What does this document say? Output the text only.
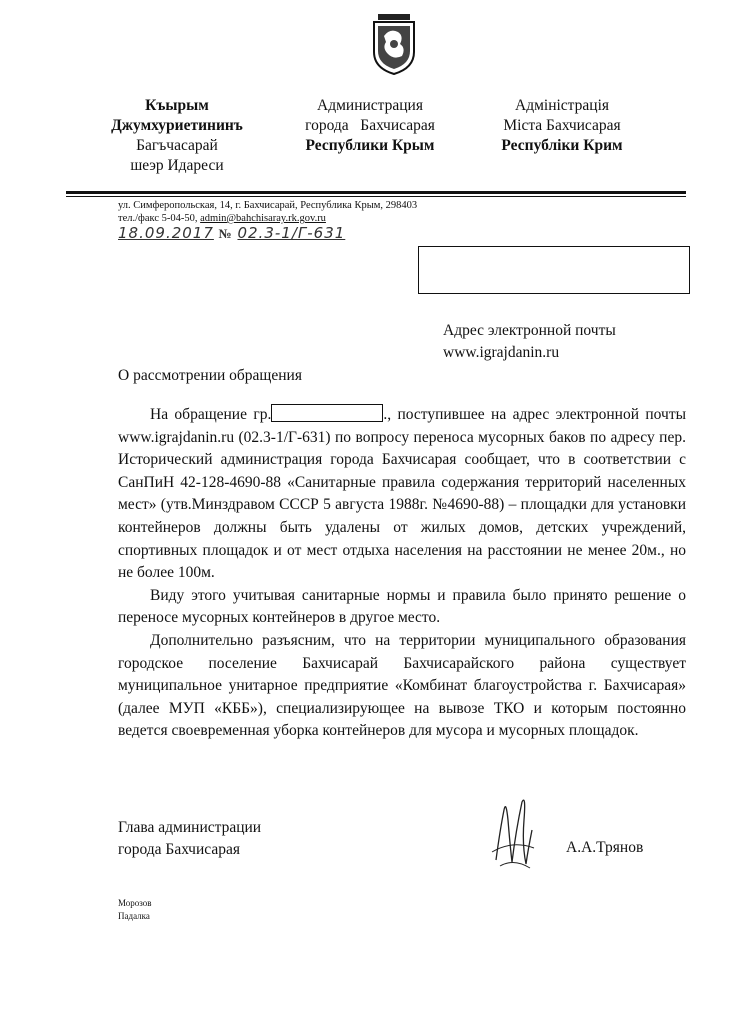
Къырым
Джумхуриетининъ
Багъчасарай
шеэр Идареси
Администрация
города   Бахчисарая
Республики Крым
Адміністрація
Міста Бахчисарая
Республіки Крим
ул. Симферопольская, 14, г. Бахчисарай, Республика Крым, 298403
тел./факс 5-04-50, admin@bahchisaray.rk.gov.ru
18.09.2017 № 02.3-1/Г-631
Адрес электронной почты
www.igrajdanin.ru
О рассмотрении обращения

На обращение гр.	., поступившее на адрес электронной почты www.igrajdanin.ru (02.3-1/Г-631) по вопросу переноса мусорных баков по адресу пер. Исторический администрация города Бахчисарая сообщает, что в соответствии с СанПиН 42-128-4690-88 «Санитарные правила содержания территорий населенных мест» (утв.Минздравом СССР 5 августа 1988г. №4690-88) – площадки для установки контейнеров должны быть удалены от жилых домов, детских учреждений, спортивных площадок и от мест отдыха населения на расстоянии не менее 20м., но не более 100м.

Виду этого учитывая санитарные нормы и правила было принято решение о переносе мусорных контейнеров в другое место.

Дополнительно разъясним, что на территории муниципального образования городское поселение Бахчисарай Бахчисарайского района существует муниципальное унитарное предприятие «Комбинат благоустройства г. Бахчисарая» (далее МУП «КББ»), специализирующее на вывозе ТКО и которым постоянно ведется своевременная уборка контейнеров для мусора и мусорных площадок.

Глава администрации
города Бахчисарая	А.А.Трянов
Морозов
Падалка
